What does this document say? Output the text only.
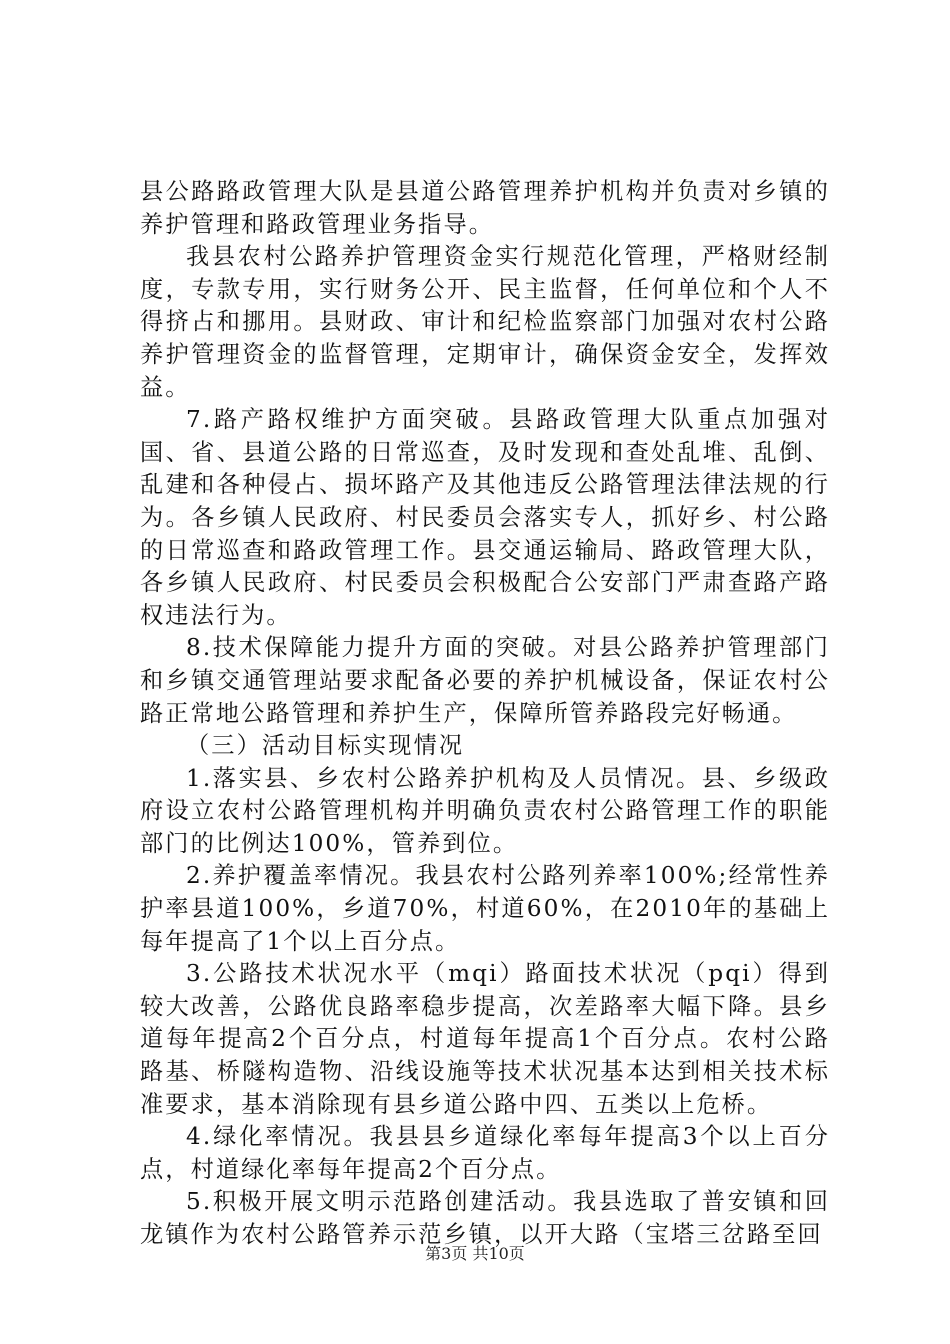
县公路路政管理大队是县道公路管理养护机构并负责对乡镇的养护管理和路政管理业务指导。

我县农村公路养护管理资金实行规范化管理，严格财经制度，专款专用，实行财务公开、民主监督，任何单位和个人不得挤占和挪用。县财政、审计和纪检监察部门加强对农村公路养护管理资金的监督管理，定期审计，确保资金安全，发挥效益。

7.路产路权维护方面突破。县路政管理大队重点加强对国、省、县道公路的日常巡查，及时发现和查处乱堆、乱倒、乱建和各种侵占、损坏路产及其他违反公路管理法律法规的行为。各乡镇人民政府、村民委员会落实专人，抓好乡、村公路的日常巡查和路政管理工作。县交通运输局、路政管理大队，各乡镇人民政府、村民委员会积极配合公安部门严肃查路产路权违法行为。

8.技术保障能力提升方面的突破。对县公路养护管理部门和乡镇交通管理站要求配备必要的养护机械设备，保证农村公路正常地公路管理和养护生产，保障所管养路段完好畅通。

（三）活动目标实现情况

1.落实县、乡农村公路养护机构及人员情况。县、乡级政府设立农村公路管理机构并明确负责农村公路管理工作的职能部门的比例达100%，管养到位。

2.养护覆盖率情况。我县农村公路列养率100%;经常性养护率县道100%，乡道70%，村道60%，在2010年的基础上每年提高了1个以上百分点。

3.公路技术状况水平（mqi）路面技术状况（pqi）得到较大改善，公路优良路率稳步提高，次差路率大幅下降。县乡道每年提高2个百分点，村道每年提高1个百分点。农村公路路基、桥隧构造物、沿线设施等技术状况基本达到相关技术标准要求，基本消除现有县乡道公路中四、五类以上危桥。

4.绿化率情况。我县县乡道绿化率每年提高3个以上百分点，村道绿化率每年提高2个百分点。

5.积极开展文明示范路创建活动。我县选取了普安镇和回龙镇作为农村公路管养示范乡镇，以开大路（宝塔三岔路至回

第3页 共10页
